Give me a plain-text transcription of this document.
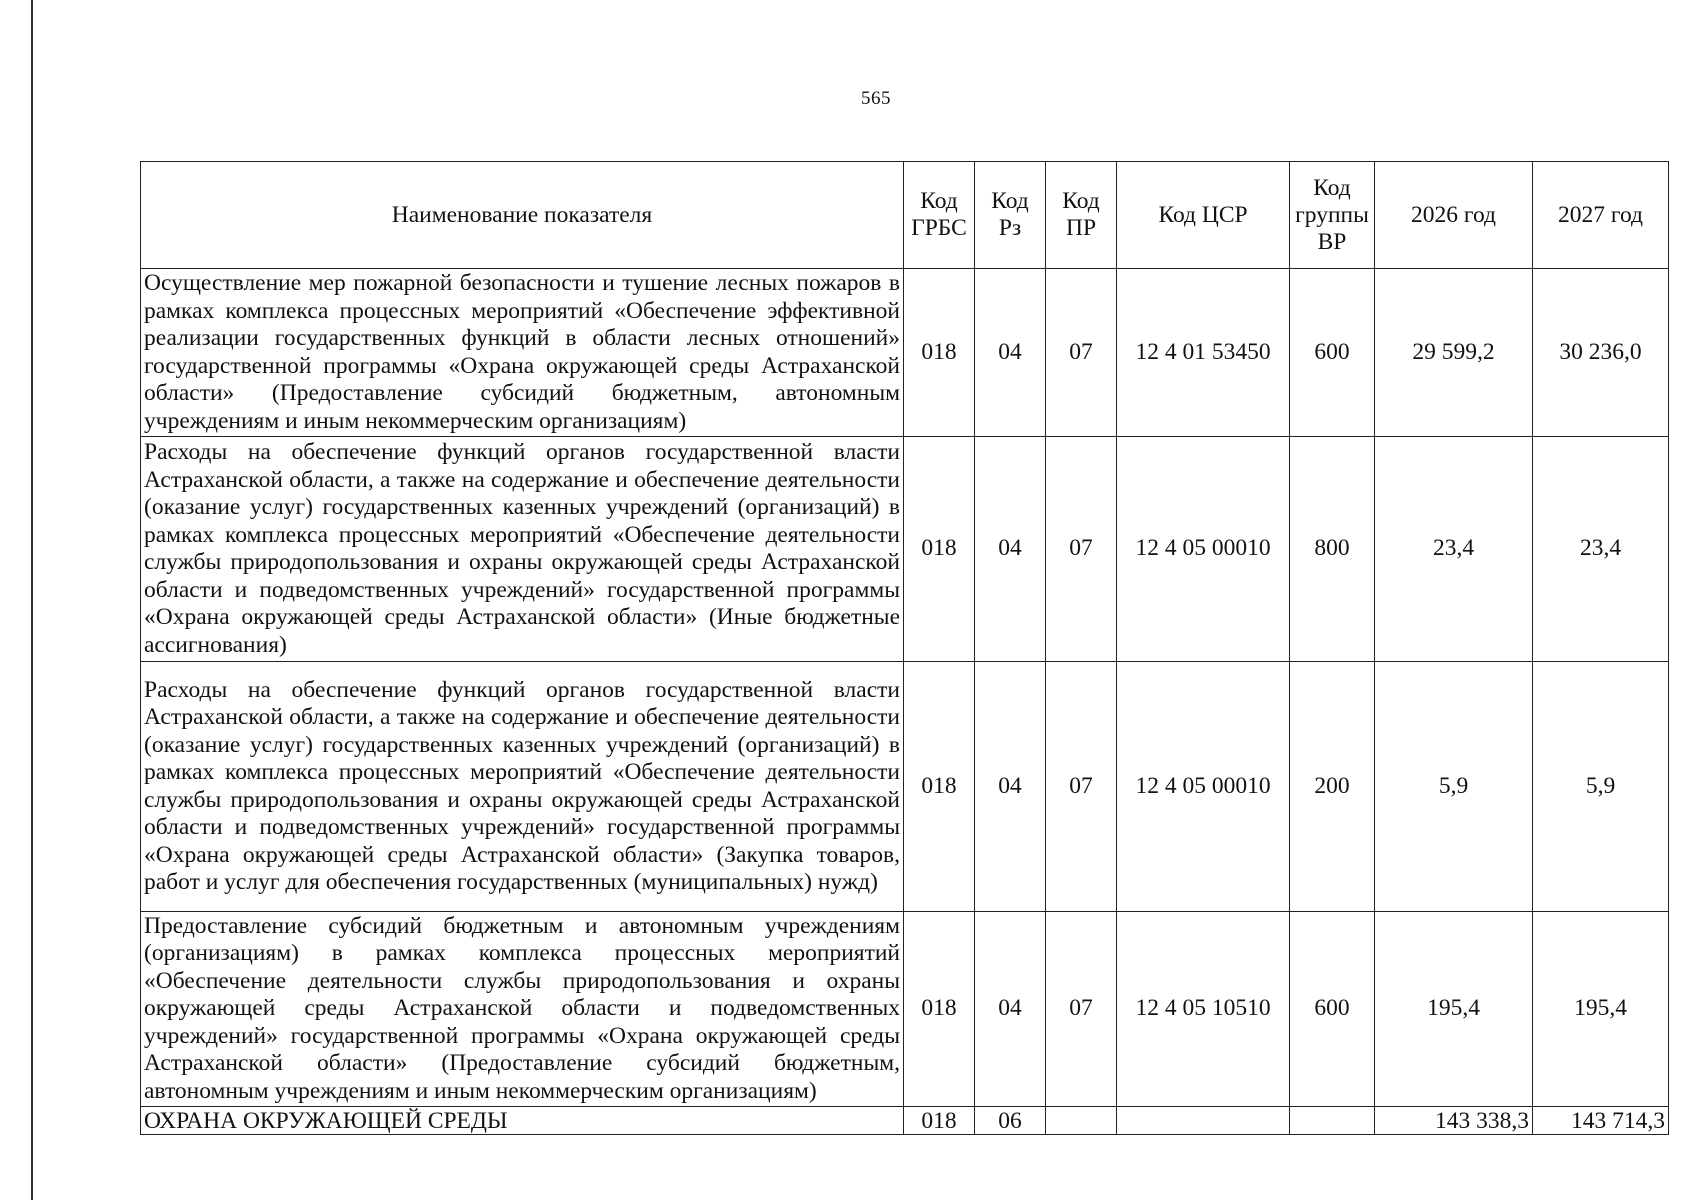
565
Наименование показателя	Код ГРБС	Код Рз	Код ПР	Код ЦСР	Код группы ВР	2026 год	2027 год
Осуществление мер пожарной безопасности и тушение лесных пожаров в рамках комплекса процессных мероприятий «Обеспечение эффективной реализации государственных функций в области лесных отношений» государственной программы «Охрана окружающей среды Астраханской области» (Предоставление субсидий бюджетным, автономным учреждениям и иным некоммерческим организациям)	018	04	07	12 4 01 53450	600	29 599,2	30 236,0
Расходы на обеспечение функций органов государственной власти Астраханской области, а также на содержание и обеспечение деятельности (оказание услуг) государственных казенных учреждений (организаций) в рамках комплекса процессных мероприятий «Обеспечение деятельности службы природопользования и охраны окружающей среды Астраханской области и подведомственных учреждений» государственной программы «Охрана окружающей среды Астраханской области» (Иные бюджетные ассигнования)	018	04	07	12 4 05 00010	800	23,4	23,4
Расходы на обеспечение функций органов государственной власти Астраханской области, а также на содержание и обеспечение деятельности (оказание услуг) государственных казенных учреждений (организаций) в рамках комплекса процессных мероприятий «Обеспечение деятельности службы природопользования и охраны окружающей среды Астраханской области и подведомственных учреждений» государственной программы «Охрана окружающей среды Астраханской области» (Закупка товаров, работ и услуг для обеспечения государственных (муниципальных) нужд)	018	04	07	12 4 05 00010	200	5,9	5,9
Предоставление субсидий бюджетным и автономным учреждениям (организациям) в рамках комплекса процессных мероприятий «Обеспечение деятельности службы природопользования и охраны окружающей среды Астраханской области и подведомственных учреждений» государственной программы «Охрана окружающей среды Астраханской области» (Предоставление субсидий бюджетным, автономным учреждениям и иным некоммерческим организациям)	018	04	07	12 4 05 10510	600	195,4	195,4
ОХРАНА ОКРУЖАЮЩЕЙ СРЕДЫ	018	06				143 338,3	143 714,3
